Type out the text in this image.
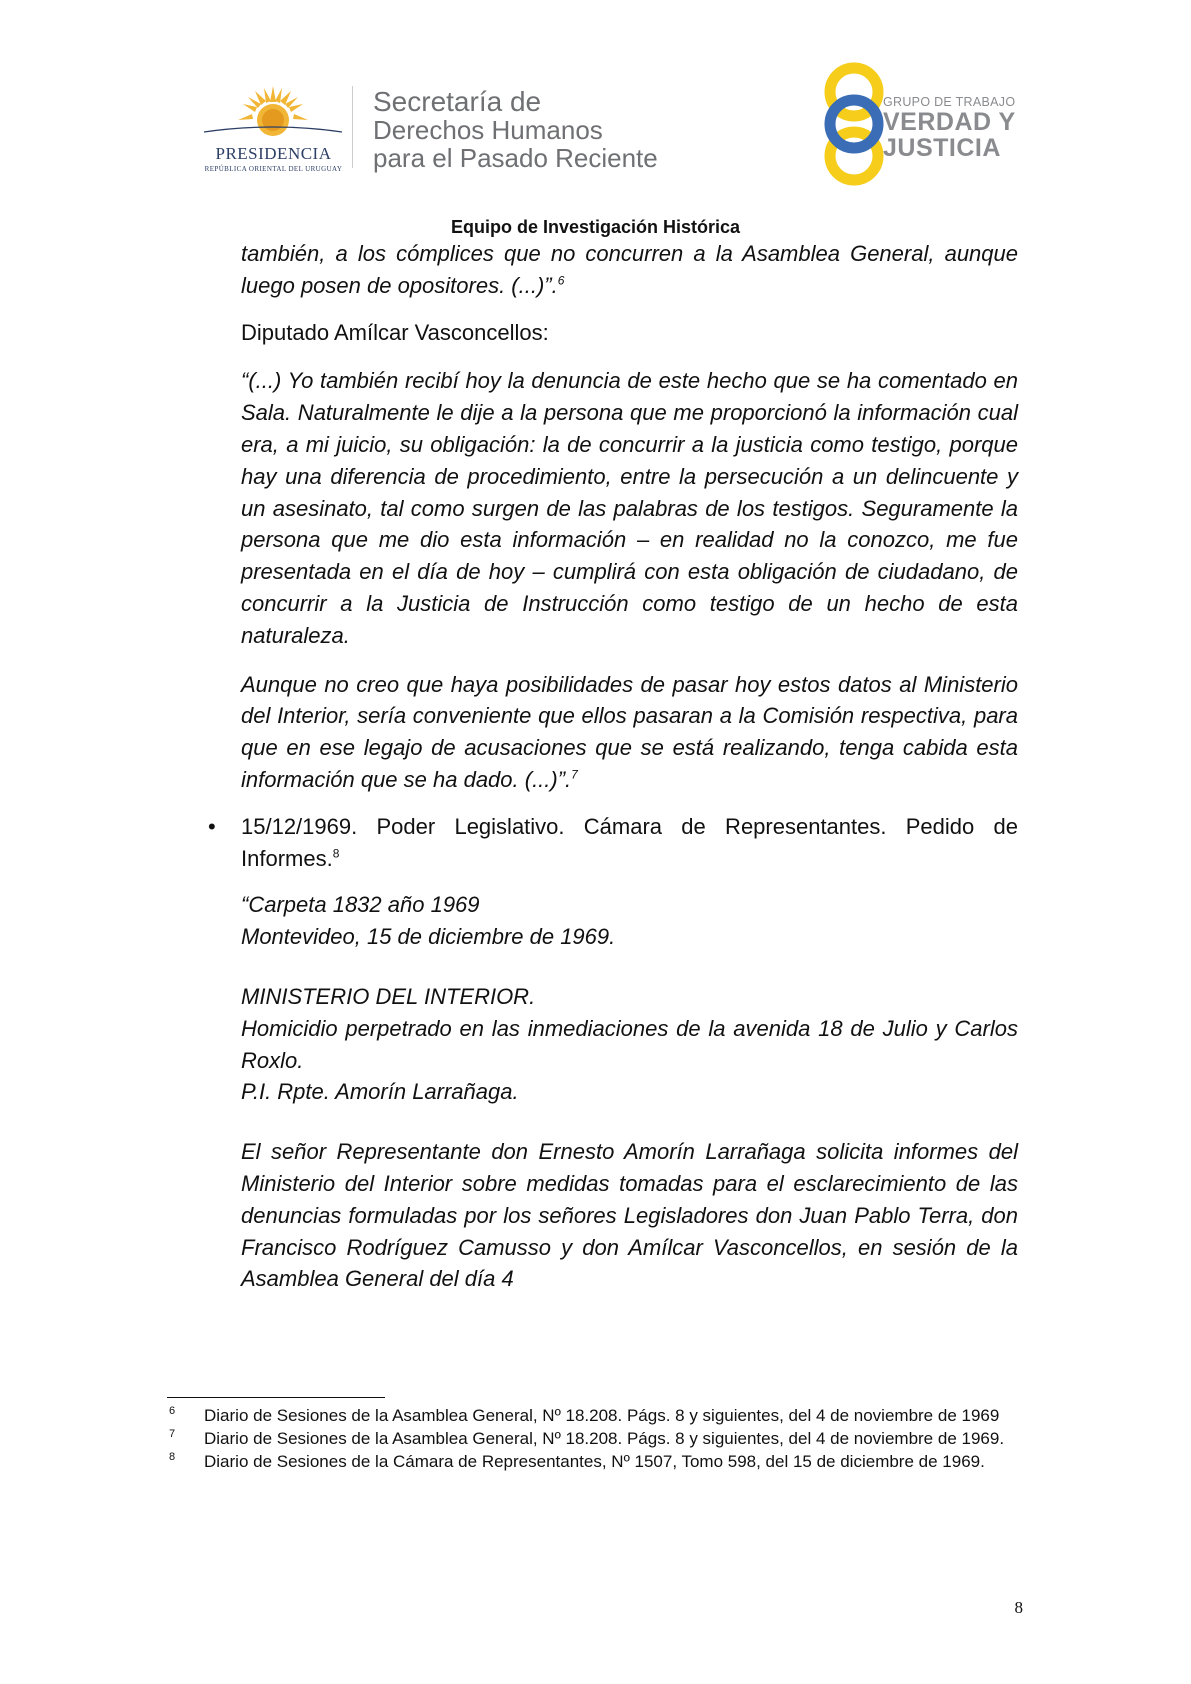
PRESIDENCIA
REPÚBLICA ORIENTAL DEL URUGUAY
Secretaría de
Derechos Humanos
para el Pasado Reciente
GRUPO DE TRABAJO
VERDAD Y
JUSTICIA
Equipo de Investigación Histórica

también, a los cómplices que no concurren a la Asamblea General, aunque luego posen de opositores. (...)”.$^6$

Diputado Amílcar Vasconcellos:

“(...) Yo también recibí hoy la denuncia de este hecho que se ha comentado en Sala. Naturalmente le dije a la persona que me proporcionó la información cual era, a mi juicio, su obligación: la de concurrir a la justicia como testigo, porque hay una diferencia de procedimiento, entre la persecución a un delincuente y un asesinato, tal como surgen de las palabras de los testigos. Seguramente la persona que me dio esta información – en realidad no la conozco, me fue presentada en el día de hoy – cumplirá con esta obligación de ciudadano, de concurrir a la Justicia de Instrucción como testigo de un hecho de esta naturaleza.

Aunque no creo que haya posibilidades de pasar hoy estos datos al Ministerio del Interior, sería conveniente que ellos pasaran a la Comisión respectiva, para que en ese legajo de acusaciones que se está realizando, tenga cabida esta información que se ha dado. (...)”.$^7$

• 15/12/1969. Poder Legislativo. Cámara de Representantes. Pedido de Informes.$^8$

“Carpeta 1832 año 1969

Montevideo, 15 de diciembre de 1969.

MINISTERIO DEL INTERIOR.

Homicidio perpetrado en las inmediaciones de la avenida 18 de Julio y Carlos Roxlo.

P.I. Rpte. Amorín Larrañaga.

El señor Representante don Ernesto Amorín Larrañaga solicita informes del Ministerio del Interior sobre medidas tomadas para el esclarecimiento de las denuncias formuladas por los señores Legisladores don Juan Pablo Terra, don Francisco Rodríguez Camusso y don Amílcar Vasconcellos, en sesión de la Asamblea General del día 4

6 Diario de Sesiones de la Asamblea General, Nº 18.208. Págs. 8 y siguientes, del 4 de noviembre de 1969
7 Diario de Sesiones de la Asamblea General, Nº 18.208. Págs. 8 y siguientes, del 4 de noviembre de 1969.
8 Diario de Sesiones de la Cámara de Representantes, Nº 1507, Tomo 598, del 15 de diciembre de 1969.
8
